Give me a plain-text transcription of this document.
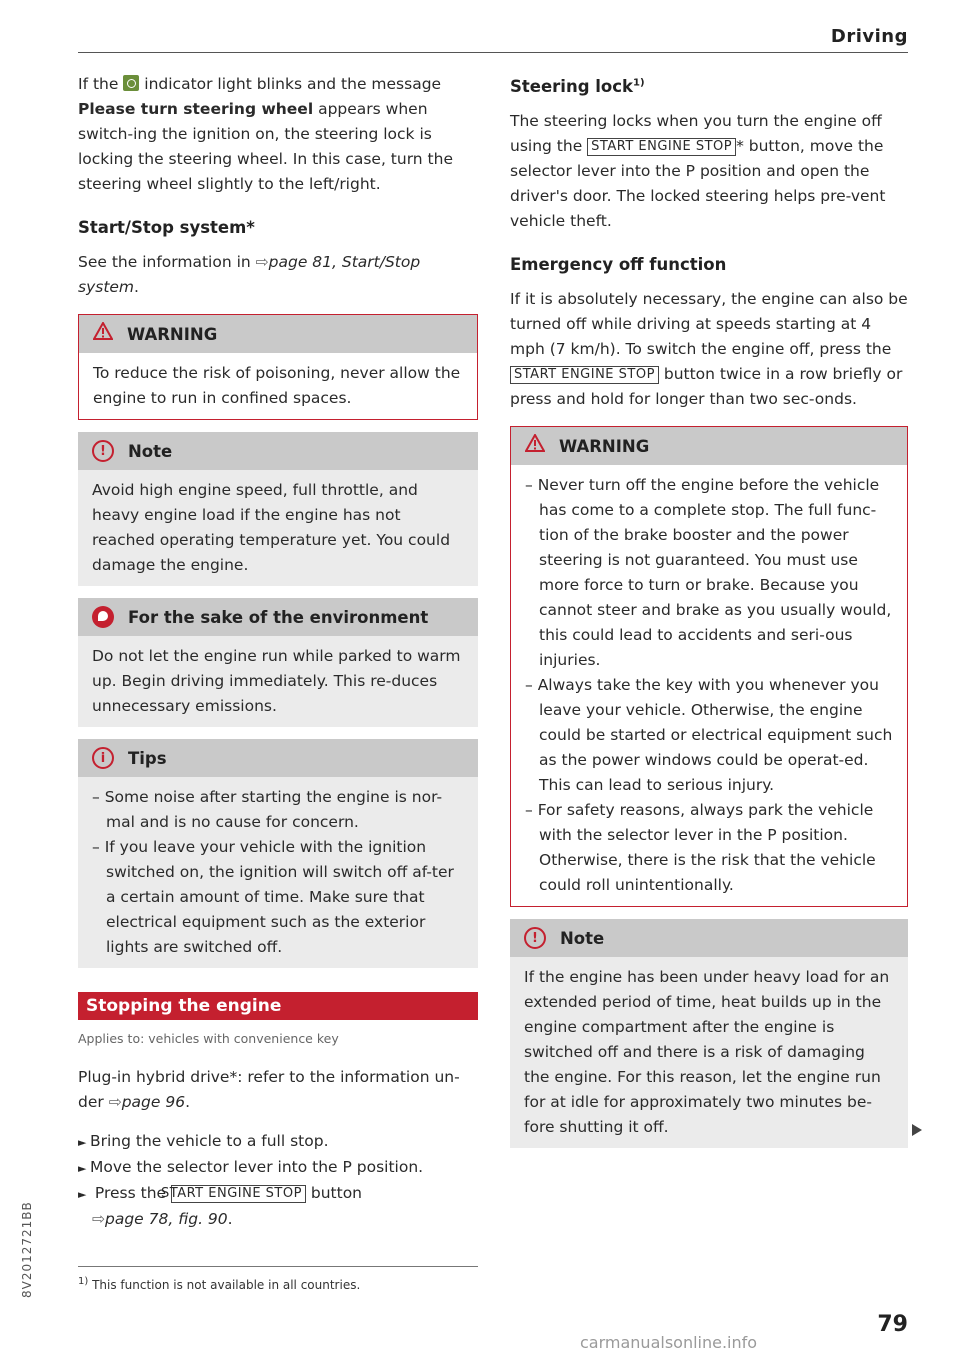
Driving

If the indicator light blinks and the message Please turn steering wheel appears when switch-ing the ignition on, the steering lock is locking the steering wheel. In this case, turn the steering wheel slightly to the left/right.

Start/Stop system*

See the information in ⇨page 81, Start/Stop system.

WARNING
To reduce the risk of poisoning, never allow the engine to run in confined spaces.
!	Note
Avoid high engine speed, full throttle, and heavy engine load if the engine has not reached operating temperature yet. You could damage the engine.
For the sake of the environment
Do not let the engine run while parked to warm up. Begin driving immediately. This re-duces unnecessary emissions.
i	Tips
– Some noise after starting the engine is nor-mal and is no cause for concern.
– If you leave your vehicle with the ignition switched on, the ignition will switch off af-ter a certain amount of time. Make sure that electrical equipment such as the exterior lights are switched off.
Stopping the engine
Applies to: vehicles with convenience key

Plug-in hybrid drive*: refer to the information un-der ⇨page 96.

► Bring the vehicle to a full stop.
► Move the selector lever into the P position.
► Press the START ENGINE STOP button
⇨page 78, fig. 90.
Steering lock$^{1)}$

The steering locks when you turn the engine off using the START ENGINE STOP * button, move the selector lever into the P position and open the driver's door. The locked steering helps pre-vent vehicle theft.

Emergency off function

If it is absolutely necessary, the engine can also be turned off while driving at speeds starting at 4 mph (7 km/h). To switch the engine off, press the START ENGINE STOP button twice in a row briefly or press and hold for longer than two sec-onds.

WARNING
– Never turn off the engine before the vehicle has come to a complete stop. The full func-tion of the brake booster and the power steering is not guaranteed. You must use more force to turn or brake. Because you cannot steer and brake as you usually would, this could lead to accidents and seri-ous injuries.
– Always take the key with you whenever you leave your vehicle. Otherwise, the engine could be started or electrical equipment such as the power windows could be operat-ed. This can lead to serious injury.
– For safety reasons, always park the vehicle with the selector lever in the P position. Otherwise, there is the risk that the vehicle could roll unintentionally.
!	Note
If the engine has been under heavy load for an extended period of time, heat builds up in the engine compartment after the engine is switched off and there is a risk of damaging the engine. For this reason, let the engine run for at idle for approximately two minutes be-fore shutting it off.
$^{1)}$ This function is not available in all countries.
8V2012721BB
79
carmanualsonline.info
